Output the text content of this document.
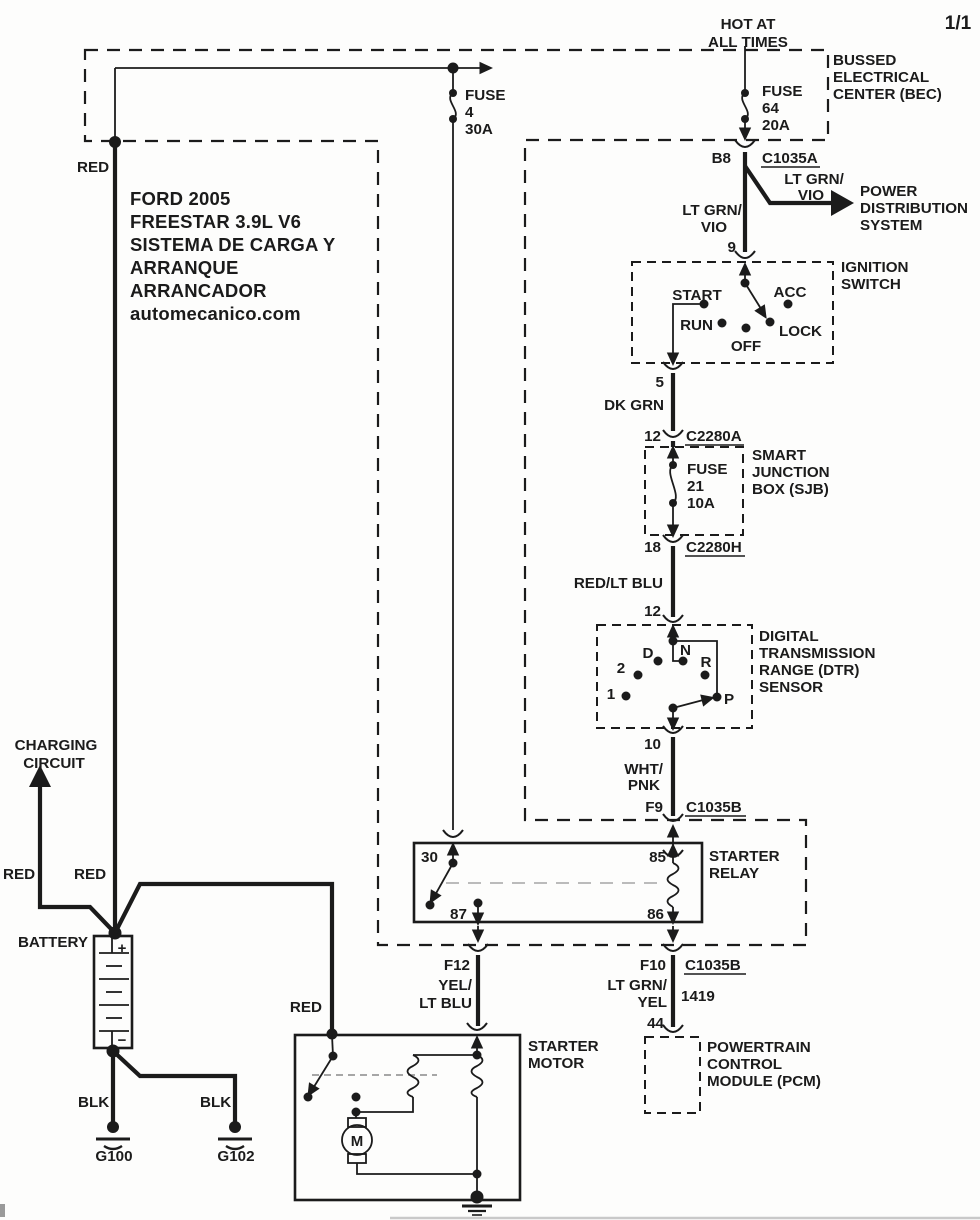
1/1
FORD 2005
FREESTAR 3.9L V6
SISTEMA DE CARGA Y
ARRANQUE
ARRANCADOR
automecanico.com
HOT AT
ALL TIMES
BUSSED
ELECTRICAL
CENTER (BEC)
FUSE
64
20A
FUSE
4
30A
B8 C1035A
LT GRN/
VIO POWER
DISTRIBUTION
SYSTEM
LT GRN/
VIO
9
IGNITION
SWITCH
START
RUN
OFF
ACC
LOCK
5
DK GRN
12 C2280A
SMART
JUNCTION
BOX (SJB)
FUSE
21
10A
18 C2280H
RED/LT BLU
12
DIGITAL
TRANSMISSION
RANGE (DTR)
SENSOR
N
D
R
2
1	P
10
WHT/
PNK
F9 C1035B
STARTER
RELAY
30	85
87	86
F12
YEL/
LT BLU
F10 C1035B
LT GRN/
YEL 1419
44
POWERTRAIN
CONTROL
MODULE (PCM)
STARTER
MOTOR
RED
M
BATTERY +
−
RED
RED
CHARGING
CIRCUIT
RED
BLK
G100
BLK
G102
